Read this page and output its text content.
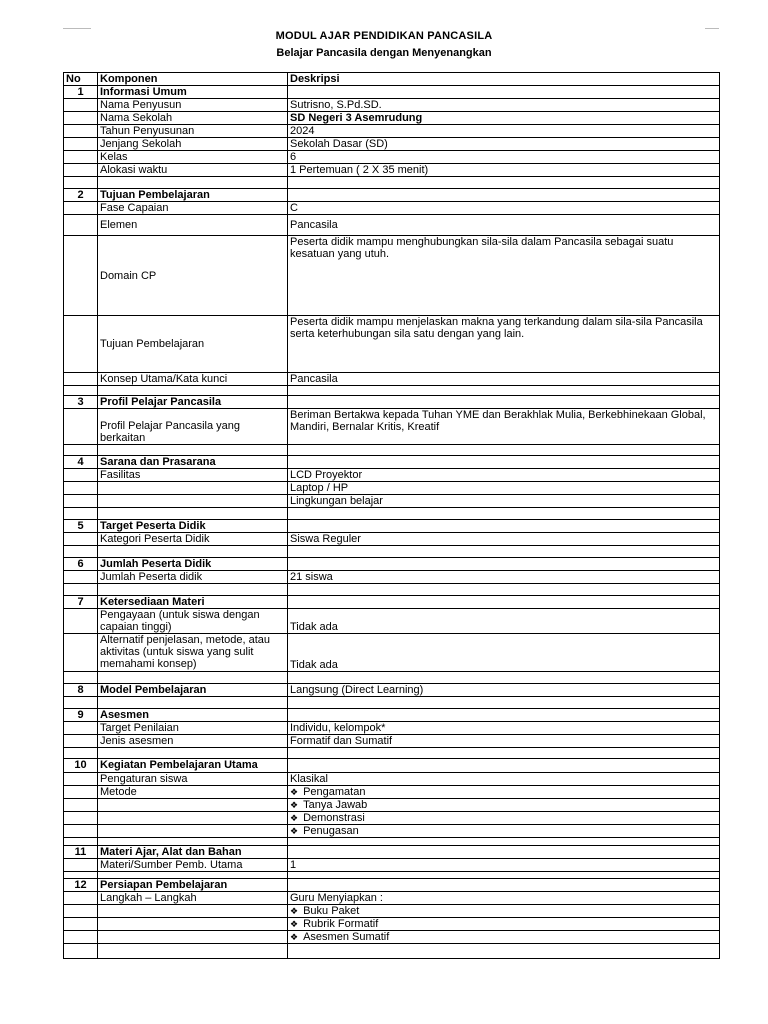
MODUL AJAR PENDIDIKAN PANCASILA
Belajar Pancasila dengan Menyenangkan
No	Komponen	Deskripsi
1	Informasi Umum	
	Nama Penyusun	Sutrisno, S.Pd.SD.
	Nama Sekolah	SD Negeri 3 Asemrudung
	Tahun Penyusunan	2024
	Jenjang Sekolah	Sekolah Dasar (SD)
	Kelas	6
	Alokasi waktu	1 Pertemuan ( 2 X 35 menit)

2	Tujuan Pembelajaran	
	Fase Capaian	C
	Elemen	Pancasila
	Domain CP	Peserta didik mampu menghubungkan sila-sila dalam Pancasila sebagai suatu kesatuan yang utuh.
	Tujuan Pembelajaran	Peserta didik mampu menjelaskan makna yang terkandung dalam sila-sila Pancasila serta keterhubungan sila satu dengan yang lain.
	Konsep Utama/Kata kunci	Pancasila

3	Profil Pelajar Pancasila	
	Profil Pelajar Pancasila yang berkaitan	Beriman Bertakwa kepada Tuhan YME dan Berakhlak Mulia, Berkebhinekaan Global, Mandiri, Bernalar Kritis, Kreatif

4	Sarana dan Prasarana	
	Fasilitas	LCD Proyektor
		Laptop / HP
		Lingkungan belajar

5	Target Peserta Didik	
	Kategori Peserta Didik	Siswa Reguler

6	Jumlah Peserta Didik	
	Jumlah Peserta didik	21 siswa

7	Ketersediaan Materi	
	Pengayaan (untuk siswa dengan capaian tinggi)	Tidak ada
	Alternatif penjelasan, metode, atau aktivitas (untuk siswa yang sulit memahami konsep)	Tidak ada

8	Model Pembelajaran	Langsung (Direct Learning)

9	Asesmen	
	Target Penilaian	Individu, kelompok*
	Jenis asesmen	Formatif dan Sumatif

10	Kegiatan Pembelajaran Utama	
	Pengaturan siswa	Klasikal
	Metode	❖ Pengamatan
		❖ Tanya Jawab
		❖ Demonstrasi
		❖ Penugasan

11	Materi Ajar, Alat dan Bahan	
	Materi/Sumber Pemb. Utama	1

12	Persiapan Pembelajaran	
	Langkah – Langkah	Guru Menyiapkan :
		❖ Buku Paket
		❖ Rubrik Formatif
		❖ Asesmen Sumatif
